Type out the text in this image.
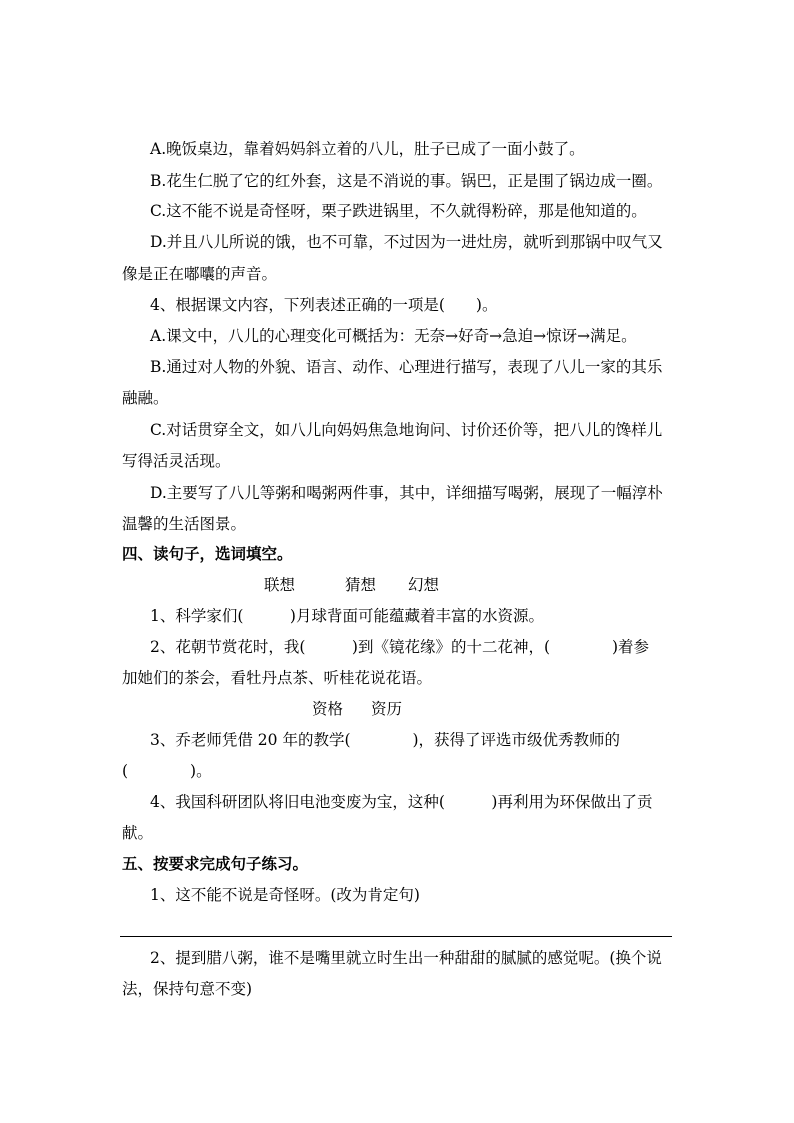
A.晚饭桌边，靠着妈妈斜立着的八儿，肚子已成了一面小鼓了。
B.花生仁脱了它的红外套，这是不消说的事。锅巴，正是围了锅边成一圈。
C.这不能不说是奇怪呀，栗子跌进锅里，不久就得粉碎，那是他知道的。
D.并且八儿所说的饿，也不可靠，不过因为一进灶房，就听到那锅中叹气又
像是正在嘟囔的声音。
4、根据课文内容，下列表述正确的一项是(　　)。
A.课文中，八儿的心理变化可概括为：无奈→好奇→急迫→惊讶→满足。
B.通过对人物的外貌、语言、动作、心理进行描写，表现了八儿一家的其乐
融融。
C.对话贯穿全文，如八儿向妈妈焦急地询问、讨价还价等，把八儿的馋样儿
写得活灵活现。
D.主要写了八儿等粥和喝粥两件事，其中，详细描写喝粥，展现了一幅淳朴
温馨的生活图景。
四、读句子，选词填空。
联想	猜想 幻想
1、科学家们(　　　)月球背面可能蕴藏着丰富的水资源。
2、花朝节赏花时，我(　　　)到《镜花缘》的十二花神，(　　　　)着参
加她们的茶会，看牡丹点茶、听桂花说花语。
资格 资历
3、乔老师凭借 20 年的教学(　　　　)，获得了评选市级优秀教师的
(　　　　)。
4、我国科研团队将旧电池变废为宝，这种(　　　)再利用为环保做出了贡
献。
五、按要求完成句子练习。
1、这不能不说是奇怪呀。(改为肯定句)
2、提到腊八粥，谁不是嘴里就立时生出一种甜甜的腻腻的感觉呢。(换个说
法，保持句意不变)
